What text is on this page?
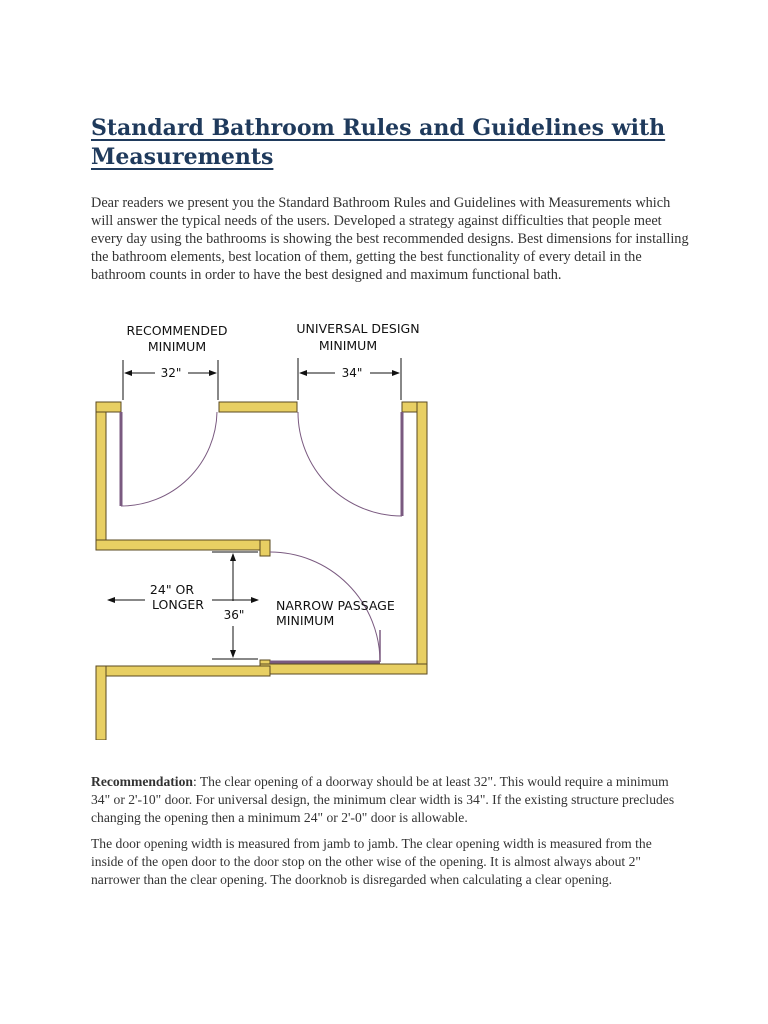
Standard Bathroom Rules and Guidelines with Measurements

Dear readers we present you the Standard Bathroom Rules and Guidelines with Measurements which will answer the typical needs of the users. Developed a strategy against difficulties that people meet every day using the bathrooms is showing the best recommended designs. Best dimensions for installing the bathroom elements, best location of them, getting the best functionality of every detail in the bathroom counts in order to have the best designed and maximum functional bath.

RECOMMENDED
MINIMUM
UNIVERSAL DESIGN
MINIMUM
32"	34"
24" OR
LONGER
36"
NARROW PASSAGE
MINIMUM

Recommendation: The clear opening of a doorway should be at least 32". This would require a minimum 34" or 2'-10" door. For universal design, the minimum clear width is 34". If the existing structure precludes changing the opening then a minimum 24" or 2'-0" door is allowable.

The door opening width is measured from jamb to jamb. The clear opening width is measured from the inside of the open door to the door stop on the other wise of the opening. It is almost always about 2" narrower than the clear opening. The doorknob is disregarded when calculating a clear opening.
